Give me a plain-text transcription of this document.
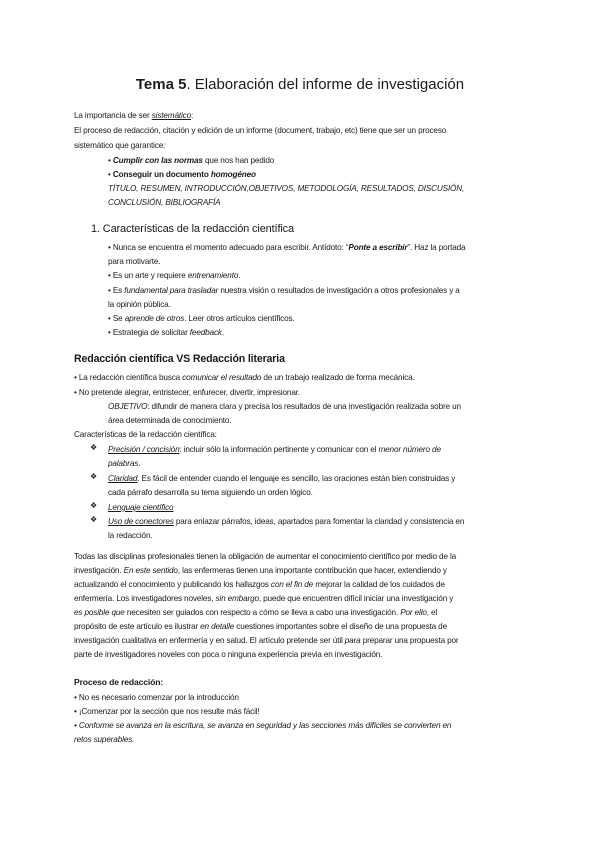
Tema 5. Elaboración del informe de investigación
La importancia de ser sistemático:
El proceso de redacción, citación y edición de un informe (document, trabajo, etc) tiene que ser un proceso
sistemático que garantice:
• Cumplir con las normas que nos han pedido
• Conseguir un documento homogéneo
TÍTULO, RESUMEN, INTRODUCCIÓN,OBJETIVOS, METODOLOGÍA, RESULTADOS, DISCUSIÓN,
CONCLUSIÓN, BIBLIOGRAFÍA
1. Características de la redacción científica
• Nunca se encuentra el momento adecuado para escribir. Antídoto: “Ponte a escribir”. Haz la portada
para motivarte.
• Es un arte y requiere entrenamiento.
• Es fundamental para trasladar nuestra visión o resultados de investigación a otros profesionales y a
la opinión pública.
• Se aprende de otros. Leer otros artículos científicos.
• Estrategia de solicitar feedback.
Redacción científica VS Redacción literaria
• La redacción científica busca comunicar el resultado de un trabajo realizado de forma mecánica.
• No pretende alegrar, entristecer, enfurecer, divertir, impresionar.
OBJETIVO: difundir de manera clara y precisa los resultados de una investigación realizada sobre un
área determinada de conocimiento.
Características de la redacción científica:
❖ Precisión / concisión: incluir sólo la información pertinente y comunicar con el menor número de
palabras.
❖ Claridad. Es fácil de entender cuando el lenguaje es sencillo, las oraciones están bien construidas y
cada párrafo desarrolla su tema siguiendo un orden lógico.
❖ Lenguaje científico
❖ Uso de conectores para enlazar párrafos, ideas, apartados para fomentar la claridad y consistencia en
la redacción.
Todas las disciplinas profesionales tienen la obligación de aumentar el conocimiento científico por medio de la
investigación. En este sentido, las enfermeras tienen una importante contribución que hacer, extendiendo y
actualizando el conocimiento y publicando los hallazgos con el fin de mejorar la calidad de los cuidados de
enfermería. Los investigadores noveles, sin embargo, puede que encuentren difícil iniciar una investigación y
es posible que necesiten ser guiados con respecto a cómo se lleva a cabo una investigación. Por ello, el
propósito de este artículo es ilustrar en detalle cuestiones importantes sobre el diseño de una propuesta de
investigación cualitativa en enfermería y en salud. El artículo pretende ser útil para preparar una propuesta por
parte de investigadores noveles con poca o ninguna experiencia previa en investigación.
Proceso de redacción:
• No es necesario comenzar por la introducción
• ¡Comenzar por la sección que nos resulte más fácil!
• Conforme se avanza en la escritura, se avanza en seguridad y las secciones más difíciles se convierten en
retos superables.
